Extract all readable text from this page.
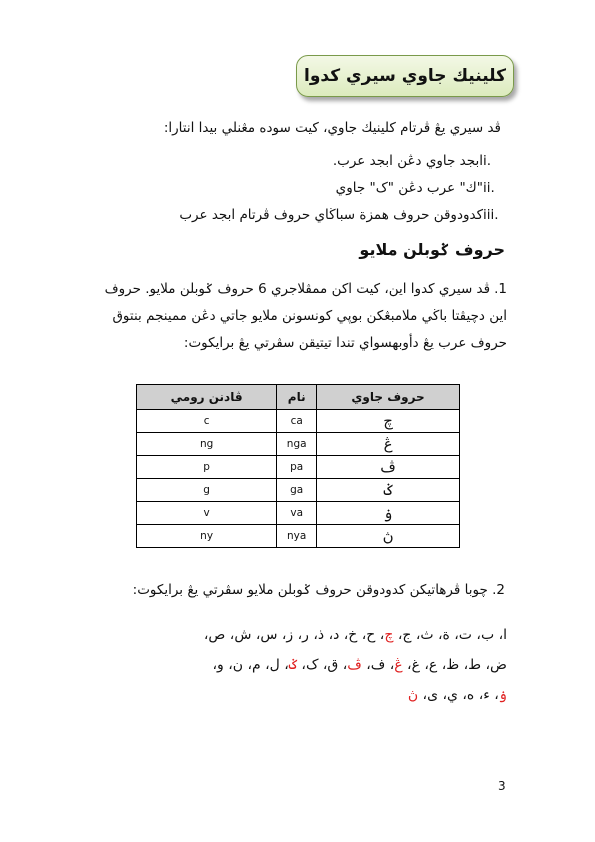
كلينيك جاوي سيري كدوا
ڤد سيري يڠ ڤرتام كلينيك جاوي، كيت سوده مڠنلي بيدا انتارا:
i.
ابجد جاوي دڠن ابجد عرب.
ii.
"ك" عرب دڠن "ک" جاوي
iii.
كدودوقن حروف همزة سباڬاي حروف ڤرتام ابجد عرب
حروف ݢوبلن ملايو
1.
ڤد سيري كدوا اين، كيت اكن ممڤلاجري 6 حروف ݢوبلن ملايو. حروف اين دچيڤتا باڬي ملامبڠكن بوڽي كونسونن ملايو جاتي دڠن ممينجم بنتوق حروف عرب يڠ دأوبهسواي تندا تيتيقن سڤرتي يڠ برايكوت:
ڤادنن رومي	نام	حروف جاوي
c	ca	چ
ng	nga	ڠ
p	pa	ڤ
g	ga	ݢ
v	va	ۏ
ny	nya	ڽ
2. چوبا ڤرهاتيكن كدودوقن حروف ݢوبلن ملايو سڤرتي يڠ برايكوت:
ا، ب، ت، ة، ث، ج، چ، ح، خ، د، ذ، ر، ز، س، ش، ص،
ض، ط، ظ، ع، غ، ڠ، ف، ڤ، ق، ک، ݢ، ل، م، ن، و،
ۏ، ء، ه، ي، ى، ڽ
3
